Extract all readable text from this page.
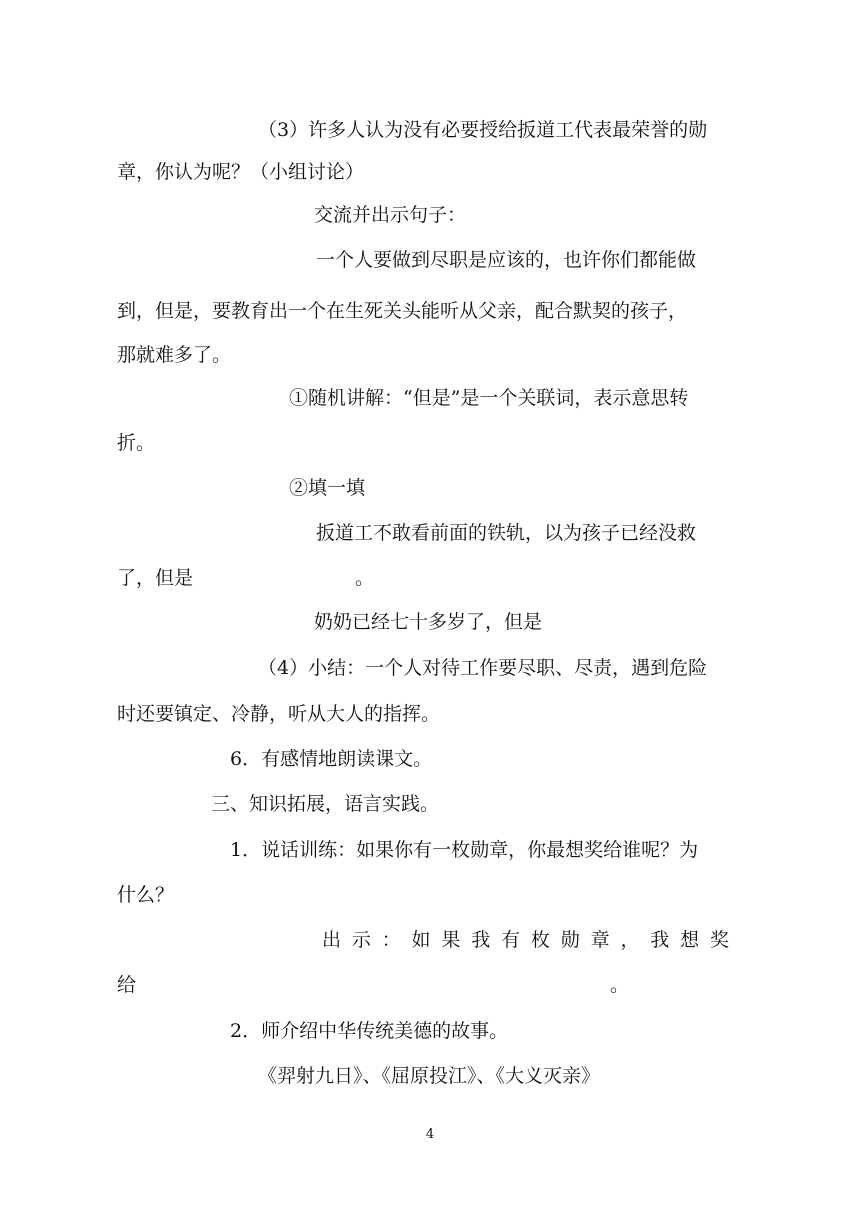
（3）许多人认为没有必要授给扳道工代表最荣誉的勋

章，你认为呢？（小组讨论）

交流并出示句子：

一个人要做到尽职是应该的，也许你们都能做

到，但是，要教育出一个在生死关头能听从父亲，配合默契的孩子，

那就难多了。

①随机讲解：“但是”是一个关联词，表示意思转

折。

②填一填

扳道工不敢看前面的铁轨，以为孩子已经没救

了，但是	。

奶奶已经七十多岁了，但是

（4）小结：一个人对待工作要尽职、尽责，遇到危险

时还要镇定、冷静，听从大人的指挥。

6．有感情地朗读课文。

三、知识拓展，语言实践。

1．说话训练：如果你有一枚勋章，你最想奖给谁呢？为

什么？

出 示 ： 如 果 我 有 枚 勋 章 ， 我 想 奖

给	。

2．师介绍中华传统美德的故事。

《羿射九日》、《屈原投江》、《大义灭亲》

4
